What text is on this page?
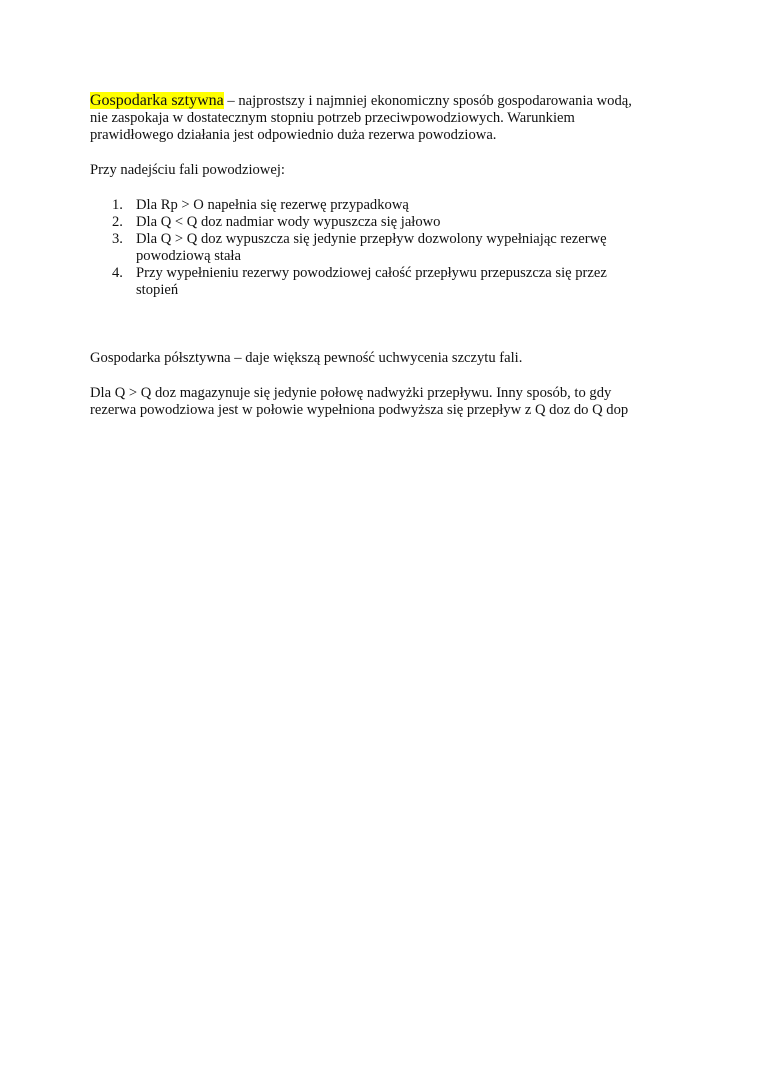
Gospodarka sztywna – najprostszy i najmniej ekonomiczny sposób gospodarowania wodą,
nie zaspokaja w dostatecznym stopniu potrzeb przeciwpowodziowych. Warunkiem
prawidłowego działania jest odpowiednio duża rezerwa powodziowa.

Przy nadejściu fali powodziowej:

1. Dla Rp > O napełnia się rezerwę przypadkową
2. Dla Q < Q doz nadmiar wody wypuszcza się jałowo
3. Dla Q > Q doz wypuszcza się jedynie przepływ dozwolony wypełniając rezerwę
powodziową stała
4. Przy wypełnieniu rezerwy powodziowej całość przepływu przepuszcza się przez
stopień

Gospodarka półsztywna – daje większą pewność uchwycenia szczytu fali.

Dla Q > Q doz magazynuje się jedynie połowę nadwyżki przepływu. Inny sposób, to gdy
rezerwa powodziowa jest w połowie wypełniona podwyższa się przepływ z Q doz do Q dop
